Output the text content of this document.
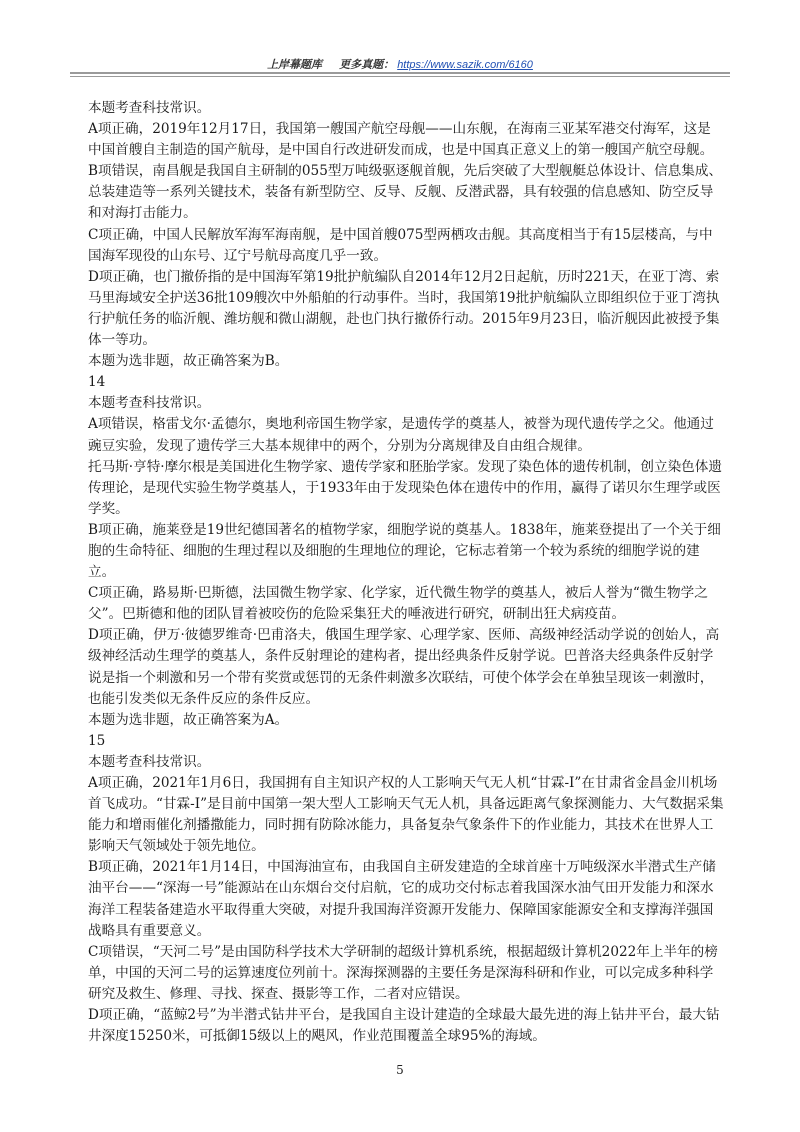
上岸幕题库 更多真题： https://www.sazik.com/6160

本题考查科技常识。

A项正确，2019年12月17日，我国第一艘国产航空母舰——山东舰，在海南三亚某军港交付海军，这是中国首艘自主制造的国产航母，是中国自行改进研发而成，也是中国真正意义上的第一艘国产航空母舰。

B项错误，南昌舰是我国自主研制的055型万吨级驱逐舰首舰，先后突破了大型舰艇总体设计、信息集成、总装建造等一系列关键技术，装备有新型防空、反导、反舰、反潜武器，具有较强的信息感知、防空反导和对海打击能力。

C项正确，中国人民解放军海军海南舰，是中国首艘075型两栖攻击舰。其高度相当于有15层楼高，与中国海军现役的山东号、辽宁号航母高度几乎一致。

D项正确，也门撤侨指的是中国海军第19批护航编队自2014年12月2日起航，历时221天，在亚丁湾、索马里海域安全护送36批109艘次中外船舶的行动事件。当时，我国第19批护航编队立即组织位于亚丁湾执行护航任务的临沂舰、潍坊舰和微山湖舰，赴也门执行撤侨行动。2015年9月23日，临沂舰因此被授予集体一等功。

本题为选非题，故正确答案为B。

14

本题考查科技常识。

A项错误，格雷戈尔·孟德尔，奥地利帝国生物学家，是遗传学的奠基人，被誉为现代遗传学之父。他通过豌豆实验，发现了遗传学三大基本规律中的两个，分别为分离规律及自由组合规律。

托马斯·亨特·摩尔根是美国进化生物学家、遗传学家和胚胎学家。发现了染色体的遗传机制，创立染色体遗传理论，是现代实验生物学奠基人，于1933年由于发现染色体在遗传中的作用，赢得了诺贝尔生理学或医学奖。

B项正确，施莱登是19世纪德国著名的植物学家，细胞学说的奠基人。1838年，施莱登提出了一个关于细胞的生命特征、细胞的生理过程以及细胞的生理地位的理论，它标志着第一个较为系统的细胞学说的建立。

C项正确，路易斯·巴斯德，法国微生物学家、化学家，近代微生物学的奠基人，被后人誉为“微生物学之父”。巴斯德和他的团队冒着被咬伤的危险采集狂犬的唾液进行研究，研制出狂犬病疫苗。

D项正确，伊万·彼德罗维奇·巴甫洛夫，俄国生理学家、心理学家、医师、高级神经活动学说的创始人，高级神经活动生理学的奠基人，条件反射理论的建构者，提出经典条件反射学说。巴普洛夫经典条件反射学说是指一个刺激和另一个带有奖赏或惩罚的无条件刺激多次联结，可使个体学会在单独呈现该一刺激时，也能引发类似无条件反应的条件反应。

本题为选非题，故正确答案为A。

15

本题考查科技常识。

A项正确，2021年1月6日，我国拥有自主知识产权的人工影响天气无人机“甘霖-I”在甘肃省金昌金川机场首飞成功。“甘霖-I”是目前中国第一架大型人工影响天气无人机，具备远距离气象探测能力、大气数据采集能力和增雨催化剂播撒能力，同时拥有防除冰能力，具备复杂气象条件下的作业能力，其技术在世界人工影响天气领域处于领先地位。

B项正确，2021年1月14日，中国海油宣布，由我国自主研发建造的全球首座十万吨级深水半潜式生产储油平台——“深海一号”能源站在山东烟台交付启航，它的成功交付标志着我国深水油气田开发能力和深水海洋工程装备建造水平取得重大突破，对提升我国海洋资源开发能力、保障国家能源安全和支撑海洋强国战略具有重要意义。

C项错误，“天河二号”是由国防科学技术大学研制的超级计算机系统，根据超级计算机2022年上半年的榜单，中国的天河二号的运算速度位列前十。深海探测器的主要任务是深海科研和作业，可以完成多种科学研究及救生、修理、寻找、探查、摄影等工作，二者对应错误。

D项正确，“蓝鲸2号”为半潜式钻井平台，是我国自主设计建造的全球最大最先进的海上钻井平台，最大钻井深度15250米，可抵御15级以上的飓风，作业范围覆盖全球95%的海域。

5
